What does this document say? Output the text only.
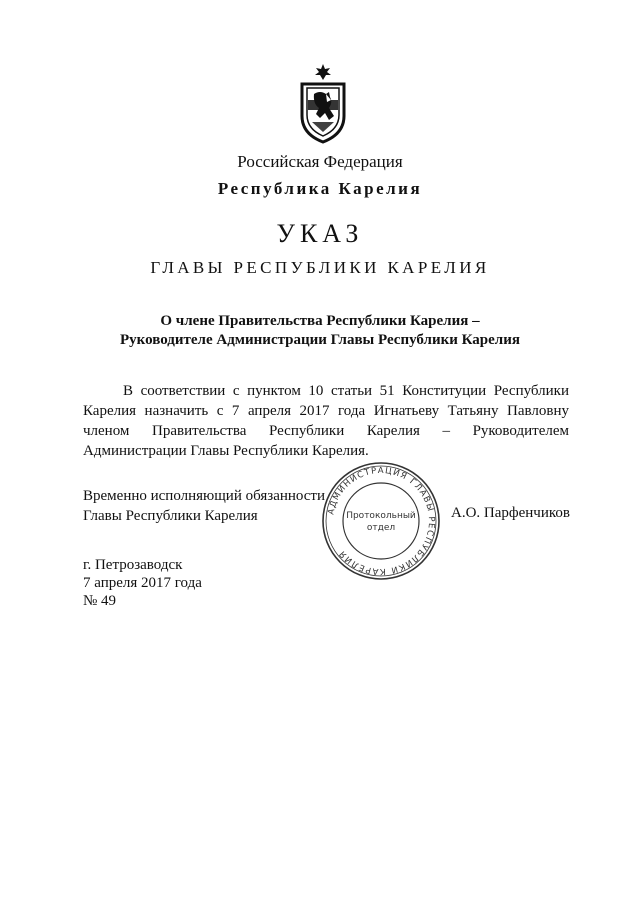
Российская Федерация
Республика Карелия
УКАЗ
ГЛАВЫ РЕСПУБЛИКИ КАРЕЛИЯ
О члене Правительства Республики Карелия –
Руководителе Администрации Главы Республики Карелия
В соответствии с пунктом 10 статьи 51 Конституции Республики Карелия назначить с 7 апреля 2017 года Игнатьеву Татьяну Павловну членом Правительства Республики Карелия – Руководителем Администрации Главы Республики Карелия.
Временно исполняющий обязанности
Главы Республики Карелия	А.О. Парфенчиков
АДМИНИСТРАЦИЯ ГЛАВЫ РЕСПУБЛИКИ КАРЕЛИЯ
Протокольный
отдел
г. Петрозаводск
7 апреля 2017 года
№ 49
